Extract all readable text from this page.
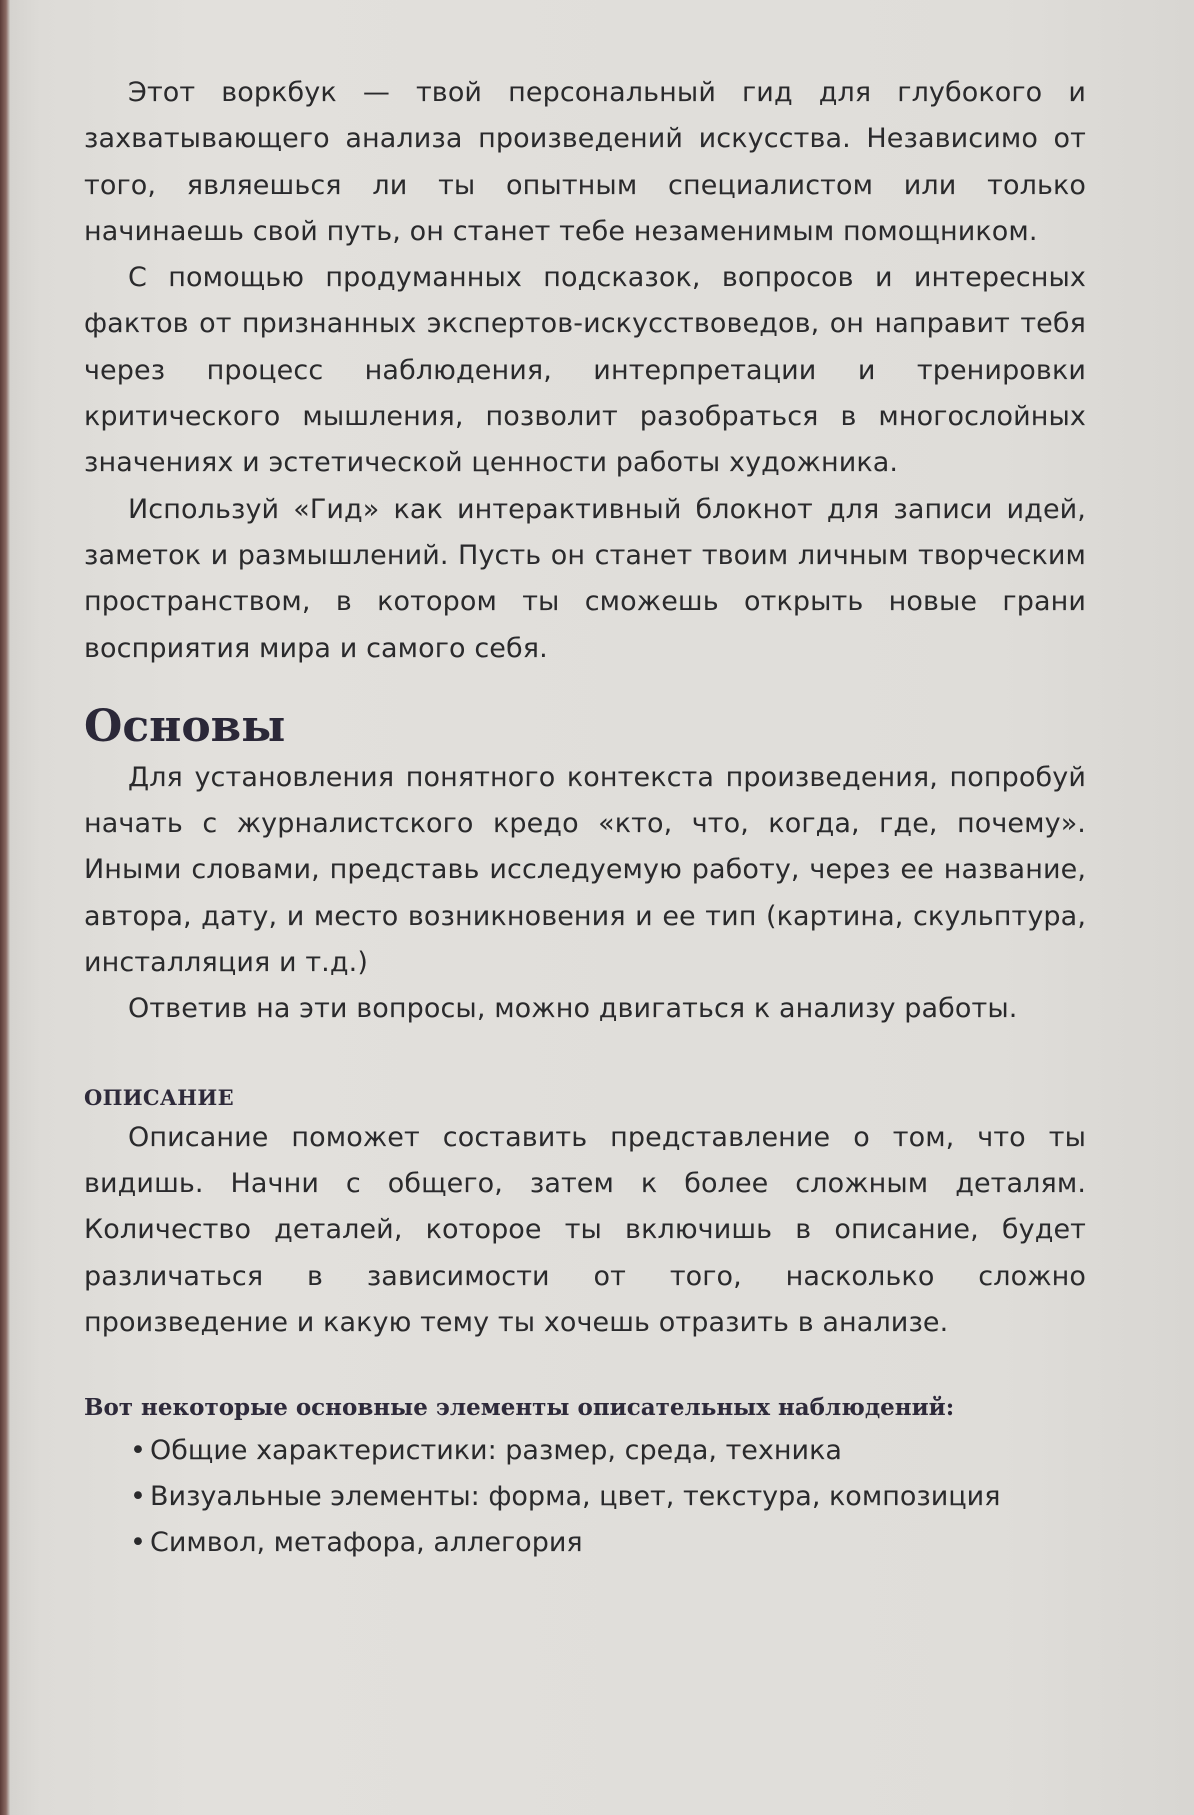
Этот воркбук — твой персональный гид для глубокого и захватывающего анализа произведений искусства. Независимо от того, являешься ли ты опытным специалистом или только начинаешь свой путь, он станет тебе незаменимым помощником.

С помощью продуманных подсказок, вопросов и интересных фактов от признанных экспертов-искусствоведов, он направит тебя через процесс наблюдения, интерпретации и тренировки критического мышления, позволит разобраться в многослойных значениях и эстетической ценности работы художника.

Используй «Гид» как интерактивный блокнот для записи идей, заметок и размышлений. Пусть он станет твоим личным творческим пространством, в котором ты сможешь открыть новые грани восприятия мира и самого себя.

Основы

Для установления понятного контекста произведения, попробуй начать с журналистского кредо «кто, что, когда, где, почему». Иными словами, представь исследуемую работу, через ее название, автора, дату, и место возникновения и ее тип (картина, скульптура, инсталляция и т.д.)

Ответив на эти вопросы, можно двигаться к анализу работы.

ОПИСАНИЕ

Описание поможет составить представление о том, что ты видишь. Начни с общего, затем к более сложным деталям. Количество деталей, которое ты включишь в описание, будет различаться в зависимости от того, насколько сложно произведение и какую тему ты хочешь отразить в анализе.

Вот некоторые основные элементы описательных наблюдений:
• Общие характеристики: размер, среда, техника
• Визуальные элементы: форма, цвет, текстура, композиция
• Символ, метафора, аллегория
